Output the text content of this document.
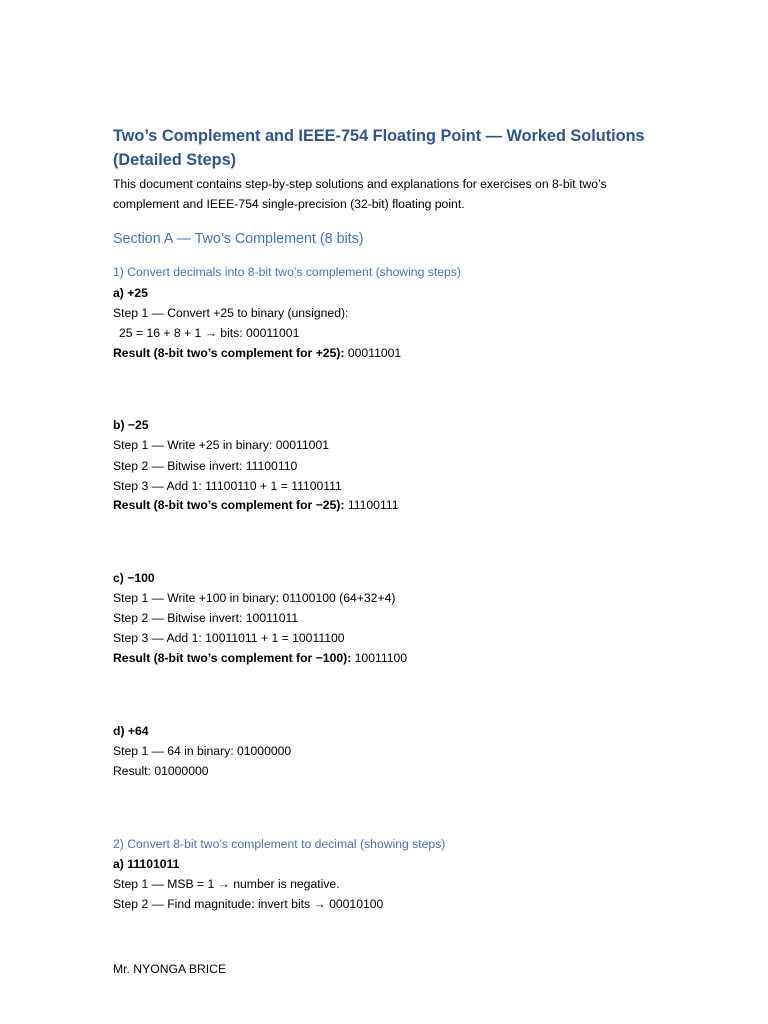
Two’s Complement and IEEE-754 Floating Point — Worked Solutions (Detailed Steps)
This document contains step-by-step solutions and explanations for exercises on 8-bit two’s complement and IEEE-754 single-precision (32-bit) floating point.
Section A — Two’s Complement (8 bits)
1) Convert decimals into 8-bit two’s complement (showing steps)
a) +25
Step 1 — Convert +25 to binary (unsigned):
25 = 16 + 8 + 1 → bits: 00011001
Result (8-bit two’s complement for +25): 00011001
b) −25
Step 1 — Write +25 in binary: 00011001
Step 2 — Bitwise invert: 11100110
Step 3 — Add 1: 11100110 + 1 = 11100111
Result (8-bit two’s complement for −25): 11100111
c) −100
Step 1 — Write +100 in binary: 01100100 (64+32+4)
Step 2 — Bitwise invert: 10011011
Step 3 — Add 1: 10011011 + 1 = 10011100
Result (8-bit two’s complement for −100): 10011100
d) +64
Step 1 — 64 in binary: 01000000
Result: 01000000
2) Convert 8-bit two’s complement to decimal (showing steps)
a) 11101011
Step 1 — MSB = 1 → number is negative.
Step 2 — Find magnitude: invert bits → 00010100
Mr. NYONGA BRICE
